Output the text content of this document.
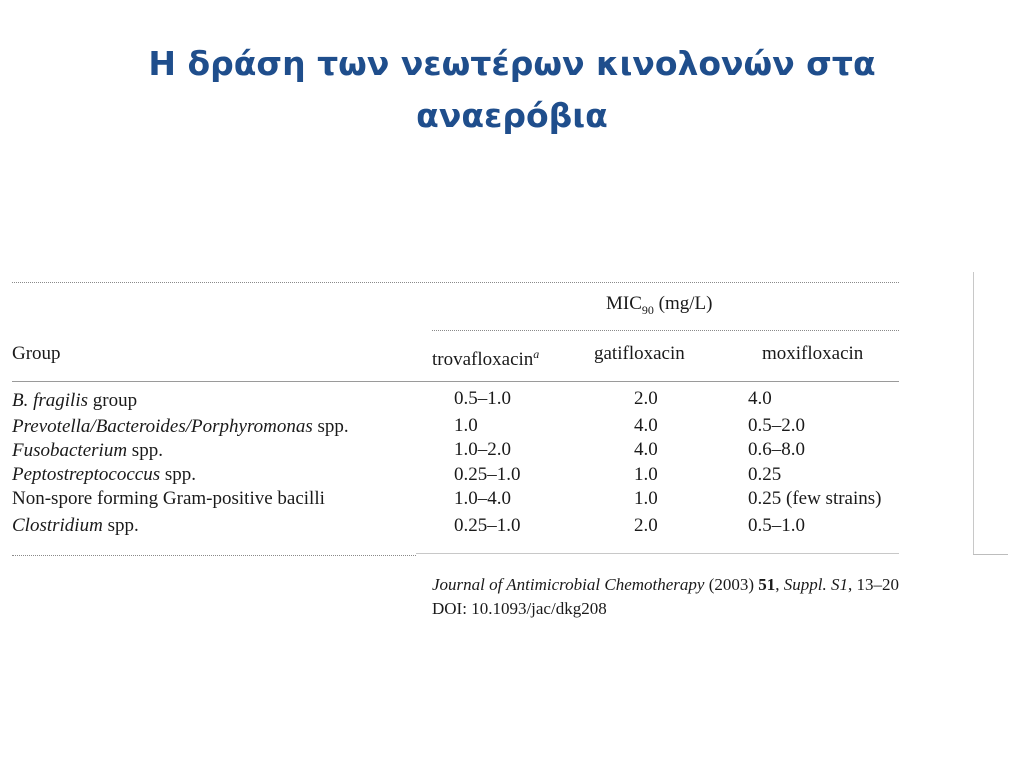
Η δράση των νεωτέρων κινολονών στα
αναερόβια
$MIC_{90}$ (mg/L)
Group	trovafloxacin$^a$	gatifloxacin	moxifloxacin
B. fragilis group	0.5–1.0	2.0	4.0
Prevotella/Bacteroides/Porphyromonas spp.	1.0	4.0	0.5–2.0
Fusobacterium spp.	1.0–2.0	4.0	0.6–8.0
Peptostreptococcus spp.	0.25–1.0	1.0	0.25
Non-spore forming Gram-positive bacilli	1.0–4.0	1.0	0.25 (few strains)
Clostridium spp.	0.25–1.0	2.0	0.5–1.0
Journal of Antimicrobial Chemotherapy (2003) 51, Suppl. S1, 13–20
DOI: 10.1093/jac/dkg208
